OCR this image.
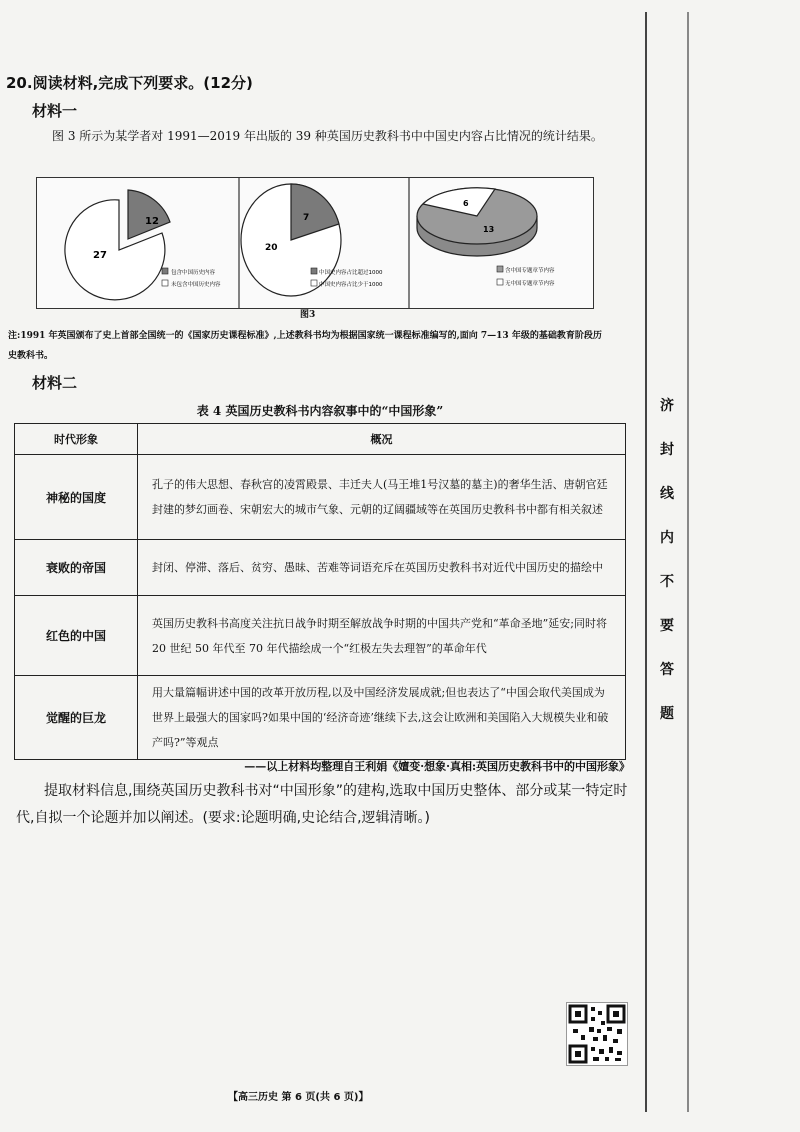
20.阅读材料,完成下列要求。(12分)
材料一
图 3 所示为某学者对 1991—2019 年出版的 39 种英国历史教科书中中国史内容占比情况的统计结果。
12
27
包含中国历史内容
未包含中国历史内容
7
20
中国史内容占比超过1000
中国史内容占比少于1000
6
13
含中国专题章节内容
无中国专题章节内容
图3
注:1991 年英国颁布了史上首部全国统一的《国家历史课程标准》,上述教科书均为根据国家统一课程标准编写的,面向 7—13 年级的基础教育阶段历史教科书。
材料二
表 4 英国历史教科书内容叙事中的“中国形象”
时代形象	概况
神秘的国度	孔子的伟大思想、春秋宫的凌霄殿景、丰迁夫人(马王堆1号汉墓的墓主)的奢华生活、唐朝官廷封建的梦幻画卷、宋朝宏大的城市气象、元朝的辽阔疆域等在英国历史教科书中都有相关叙述
衰败的帝国	封闭、停滞、落后、贫穷、愚昧、苦难等词语充斥在英国历史教科书对近代中国历史的描绘中
红色的中国	英国历史教科书高度关注抗日战争时期至解放战争时期的中国共产党和“革命圣地”延安;同时将 20 世纪 50 年代至 70 年代描绘成一个“红极左失去理智”的革命年代
觉醒的巨龙	用大量篇幅讲述中国的改革开放历程,以及中国经济发展成就;但也表达了“中国会取代美国成为世界上最强大的国家吗?如果中国的‘经济奇迹’继续下去,这会让欧洲和美国陷入大规模失业和破产吗?”等观点
——以上材料均整理自王利娟《嬗变·想象·真相:英国历史教科书中的中国形象》
提取材料信息,围绕英国历史教科书对“中国形象”的建构,选取中国历史整体、部分或某一特定时代,自拟一个论题并加以阐述。(要求:论题明确,史论结合,逻辑清晰。)
济
封
线
内
不
要
答
题
【高三历史 第 6 页(共 6 页)】
